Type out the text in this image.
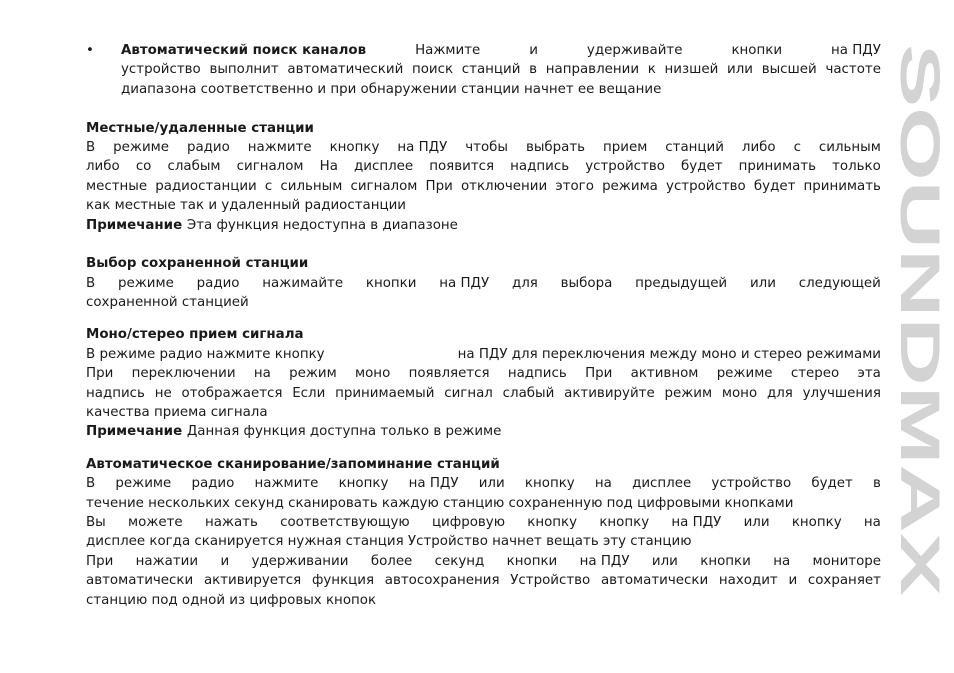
SOUNDMAX
• Автоматический поиск каналов	Нажмите	и	удерживайте	кнопки	на ПДУ
устройство выполнит автоматический поиск станций в направлении к низшей или высшей частоте
диапазона соответственно и при обнаружении станции начнет ее вещание
Местные/удаленные станции
В режиме радио нажмите кнопку на ПДУ чтобы выбрать прием станций либо с сильным
либо со слабым сигналом На дисплее появится надпись устройство будет принимать только
местные радиостанции с сильным сигналом При отключении этого режима устройство будет принимать
как местные так и удаленный радиостанции
Примечание Эта функция недоступна в диапазоне
Выбор сохраненной станции
В режиме радио нажимайте кнопки на ПДУ для выбора предыдущей или следующей
сохраненной станцией
Моно/стерео прием сигнала
В режиме радио нажмите кнопку	на ПДУ для переключения между моно и стерео режимами
При переключении на режим моно появляется надпись При активном режиме стерео эта
надпись не отображается Если принимаемый сигнал слабый активируйте режим моно для улучшения
качества приема сигнала
Примечание Данная функция доступна только в режиме
Автоматическое сканирование/запоминание станций
В режиме радио нажмите кнопку на ПДУ или кнопку на дисплее устройство будет в
течение нескольких секунд сканировать каждую станцию сохраненную под цифровыми кнопками
Вы можете нажать соответствующую цифровую кнопку кнопку на ПДУ или кнопку на
дисплее когда сканируется нужная станция Устройство начнет вещать эту станцию
При нажатии и удерживании более секунд кнопки на ПДУ или кнопки на мониторе
автоматически активируется функция автосохранения Устройство автоматически находит и сохраняет
станцию под одной из цифровых кнопок
